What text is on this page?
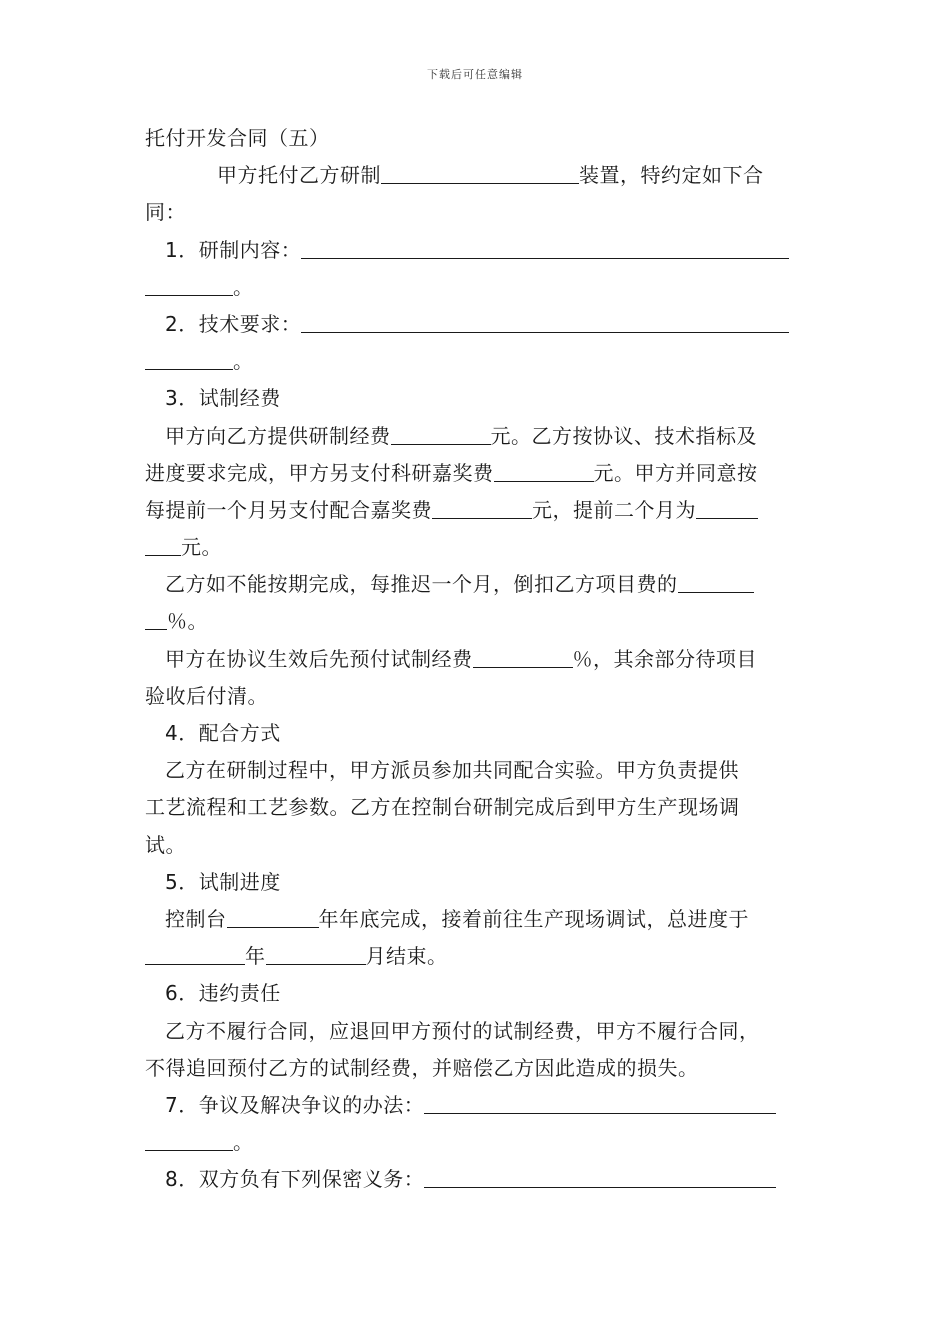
下载后可任意编辑
托付开发合同（五）
甲方托付乙方研制	装置，特约定如下合
同：
1．研制内容：
。
2．技术要求：
。
3．试制经费
甲方向乙方提供研制经费	元。乙方按协议、技术指标及
进度要求完成，甲方另支付科研嘉奖费	元。甲方并同意按
每提前一个月另支付配合嘉奖费	元，提前二个月为
元。
乙方如不能按期完成，每推迟一个月，倒扣乙方项目费的
％。
甲方在协议生效后先预付试制经费	％，其余部分待项目
验收后付清。
4．配合方式
乙方在研制过程中，甲方派员参加共同配合实验。甲方负责提供
工艺流程和工艺参数。乙方在控制台研制完成后到甲方生产现场调
试。
5．试制进度
控制台	年年底完成，接着前往生产现场调试，总进度于
年	月结束。
6．违约责任
乙方不履行合同，应退回甲方预付的试制经费，甲方不履行合同，
不得追回预付乙方的试制经费，并赔偿乙方因此造成的损失。
7．争议及解决争议的办法：
。
8．双方负有下列保密义务：
